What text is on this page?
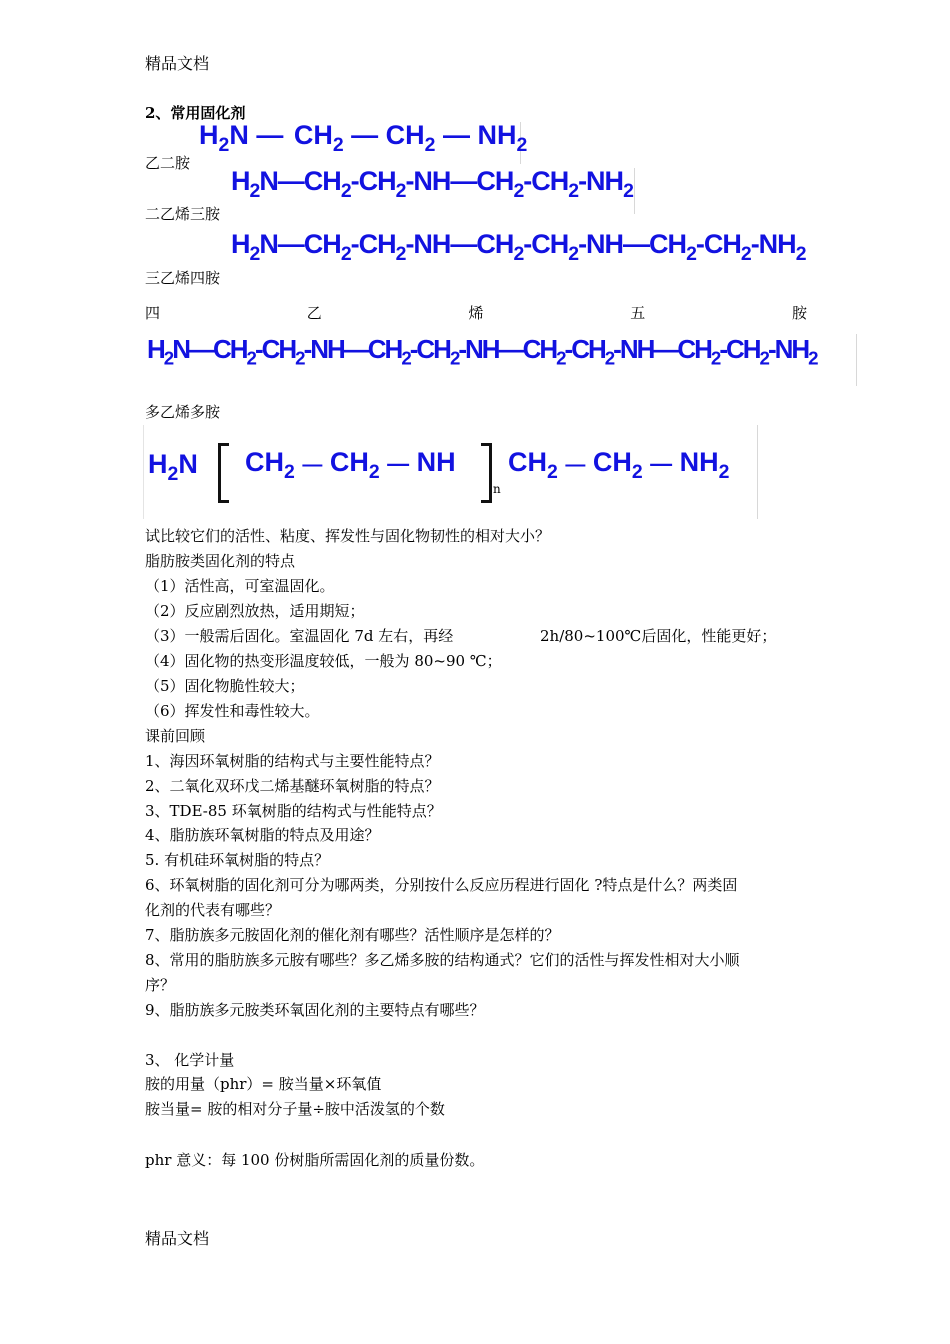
精品文档
2、常用固化剂
$H_2N$ — $CH_2$ — $CH_2$ — $NH_2$
乙二胺
$H_2N—CH_2-CH_2-NH—CH_2-CH_2-NH_2$
二乙烯三胺
$H_2N—CH_2-CH_2-NH—CH_2-CH_2-NH—CH_2-CH_2-NH_2$
三乙烯四胺
四	乙	烯	五	胺
$H_2N—CH_2-CH_2-NH—CH_2-CH_2-NH—CH_2-CH_2-NH—CH_2-CH_2-NH_2$
多乙烯多胺
$H_2N$ $CH_2$ — $CH_2$ — NH
n
$CH_2$ — $CH_2$ — $NH_2$
试比较它们的活性、粘度、挥发性与固化物韧性的相对大小？
脂肪胺类固化剂的特点
（1）活性高，可室温固化。
（2）反应剧烈放热，适用期短；
（3）一般需后固化。室温固化 7d 左右，再经	2h/80~100℃后固化，性能更好；
（4）固化物的热变形温度较低，一般为 80~90 ℃；
（5）固化物脆性较大；
（6）挥发性和毒性较大。
课前回顾
1、海因环氧树脂的结构式与主要性能特点？
2、二氧化双环戊二烯基醚环氧树脂的特点？
3、TDE-85 环氧树脂的结构式与性能特点？
4、脂肪族环氧树脂的特点及用途？
5. 有机硅环氧树脂的特点？
6、环氧树脂的固化剂可分为哪两类，分别按什么反应历程进行固化 ?特点是什么？两类固
化剂的代表有哪些？
7、脂肪族多元胺固化剂的催化剂有哪些？活性顺序是怎样的？
8、常用的脂肪族多元胺有哪些？多乙烯多胺的结构通式？它们的活性与挥发性相对大小顺
序？
9、脂肪族多元胺类环氧固化剂的主要特点有哪些？
3、 化学计量
胺的用量（phr）= 胺当量×环氧值
胺当量= 胺的相对分子量÷胺中活泼氢的个数
phr 意义：每 100 份树脂所需固化剂的质量份数。
精品文档
